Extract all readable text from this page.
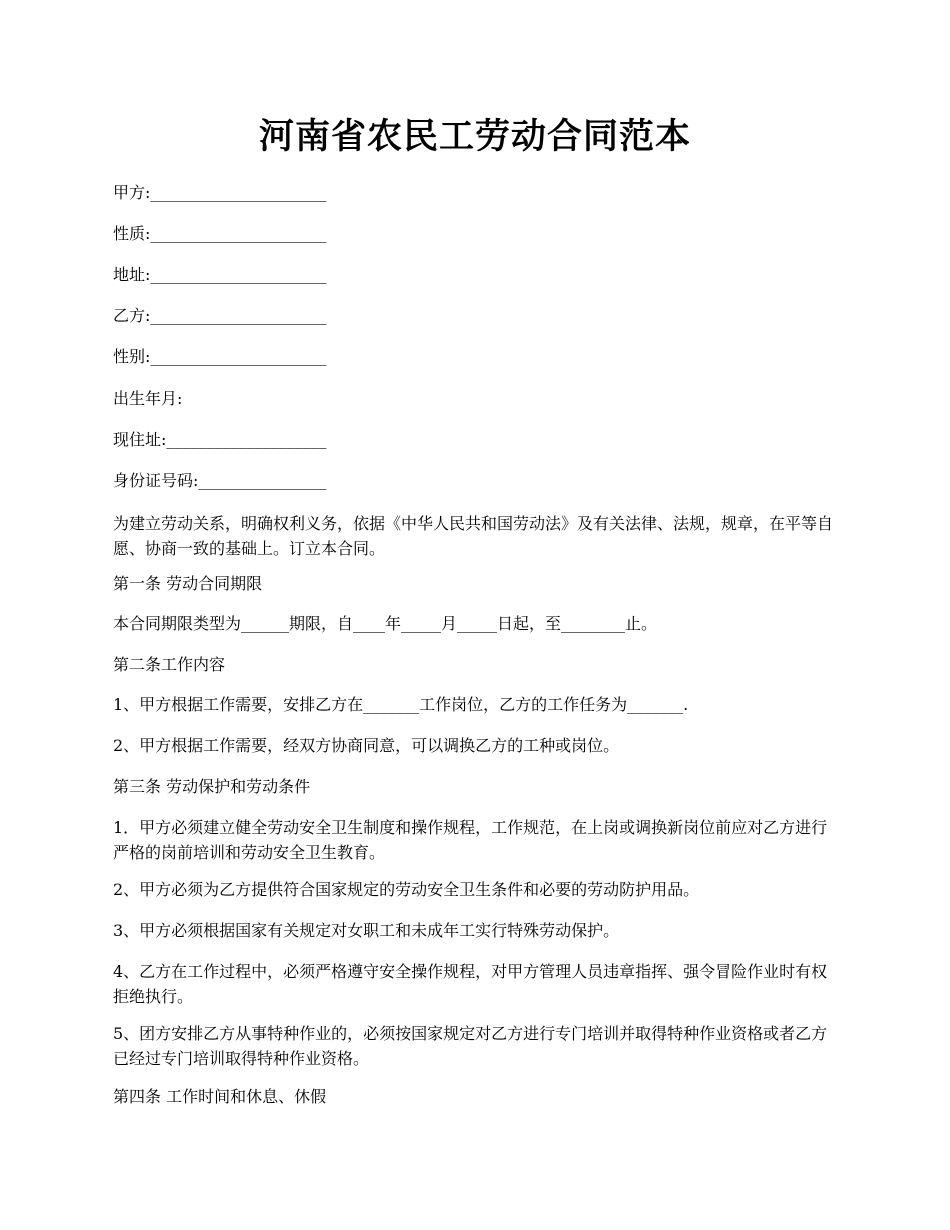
河南省农民工劳动合同范本

甲方:______________________

性质:______________________

地址:______________________

乙方:______________________

性别:______________________

出生年月:

现住址:____________________

身份证号码:________________

为建立劳动关系，明确权利义务，依据《中华人民共和国劳动法》及有关法律、法规，规章，在平等自愿、协商一致的基础上。订立本合同。

第一条 劳动合同期限

本合同期限类型为______期限，自____年_____月_____日起，至________止。

第二条工作内容

1、甲方根据工作需要，安排乙方在_______工作岗位，乙方的工作任务为_______.

2、甲方根据工作需要，经双方协商同意，可以调换乙方的工种或岗位。

第三条 劳动保护和劳动条件

1．甲方必须建立健全劳动安全卫生制度和操作规程，工作规范，在上岗或调换新岗位前应对乙方进行严格的岗前培训和劳动安全卫生教育。

2、甲方必须为乙方提供符合国家规定的劳动安全卫生条件和必要的劳动防护用品。

3、甲方必须根据国家有关规定对女职工和未成年工实行特殊劳动保护。

4、乙方在工作过程中，必须严格遵守安全操作规程，对甲方管理人员违章指挥、强令冒险作业时有权拒绝执行。

5、团方安排乙方从事特种作业的，必须按国家规定对乙方进行专门培训并取得特种作业资格或者乙方已经过专门培训取得特种作业资格。

第四条 工作时间和休息、休假
